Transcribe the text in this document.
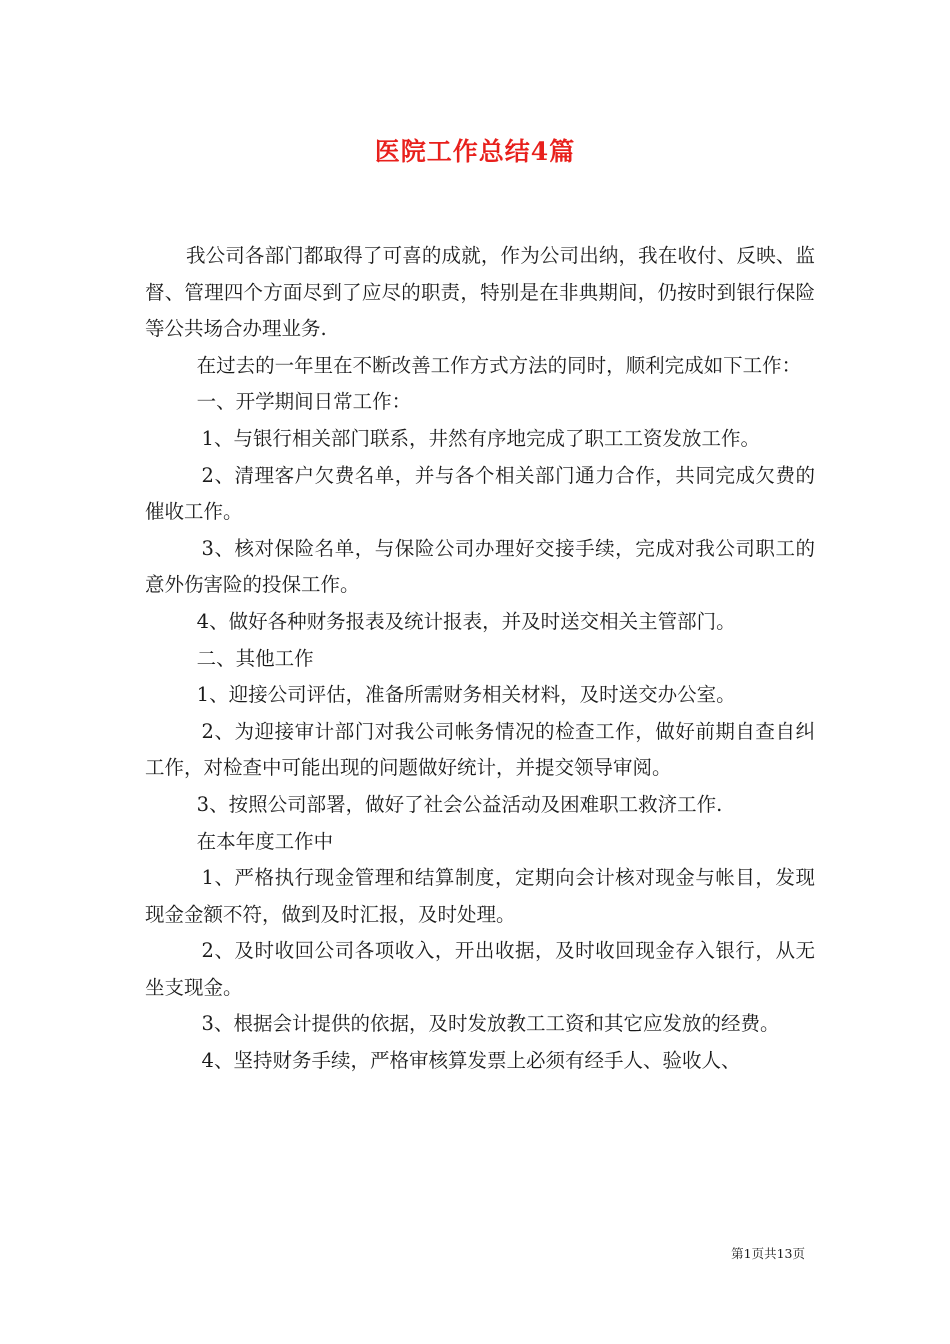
医院工作总结4篇

我公司各部门都取得了可喜的成就，作为公司出纳，我在收付、反映、监督、管理四个方面尽到了应尽的职责，特别是在非典期间，仍按时到银行保险等公共场合办理业务.

在过去的一年里在不断改善工作方式方法的同时，顺利完成如下工作：

一、开学期间日常工作：

1、与银行相关部门联系，井然有序地完成了职工工资发放工作。

2、清理客户欠费名单，并与各个相关部门通力合作，共同完成欠费的催收工作。

3、核对保险名单，与保险公司办理好交接手续，完成对我公司职工的意外伤害险的投保工作。

4、做好各种财务报表及统计报表，并及时送交相关主管部门。

二、其他工作

1、迎接公司评估，准备所需财务相关材料，及时送交办公室。

2、为迎接审计部门对我公司帐务情况的检查工作，做好前期自查自纠工作，对检查中可能出现的问题做好统计，并提交领导审阅。

3、按照公司部署，做好了社会公益活动及困难职工救济工作.

在本年度工作中

1、严格执行现金管理和结算制度，定期向会计核对现金与帐目，发现现金金额不符，做到及时汇报，及时处理。

2、及时收回公司各项收入，开出收据，及时收回现金存入银行，从无坐支现金。

3、根据会计提供的依据，及时发放教工工资和其它应发放的经费。

4、坚持财务手续，严格审核算发票上必须有经手人、验收人、

第1页共13页
